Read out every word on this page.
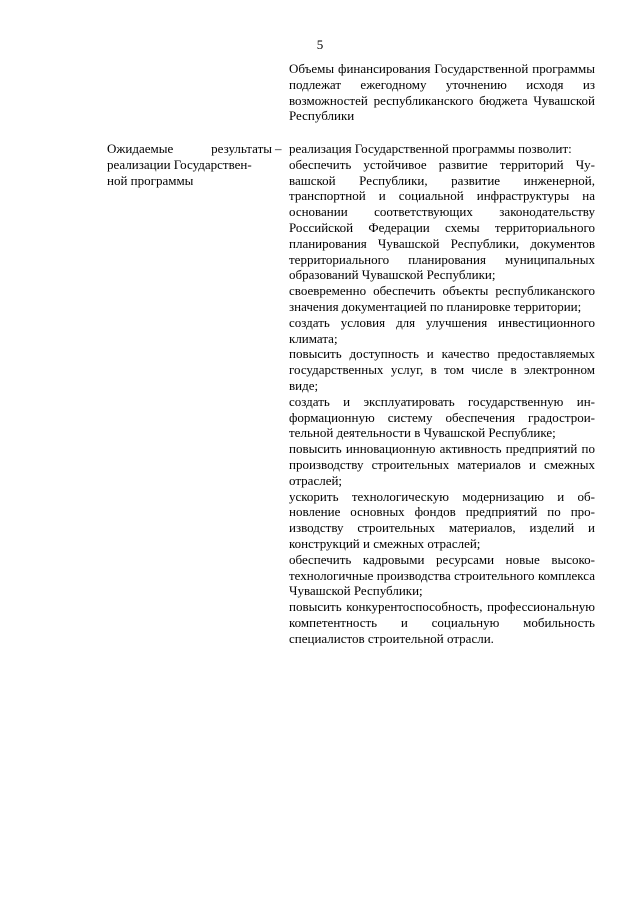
5

Объемы финансирования Государственной программы подлежат ежегодному уточнению исходя из возможностей республиканского бюджета Чувашской Республики

Ожидаемые	результаты
реализации Государствен-
ной программы
– реализация Государственной программы позволит:

обеспечить устойчивое развитие территорий Чувашской Республики, развитие инженерной, транспортной и социальной инфраструктуры на основании соответствующих законодательству Российской Федерации схемы территориального планирования Чувашской Республики, документов территориального планирования муниципальных образований Чувашской Республики;

своевременно обеспечить объекты республиканского значения документацией по планировке территории;

создать условия для улучшения инвестиционного климата;

повысить доступность и качество предоставляемых государственных услуг, в том числе в электронном виде;

создать и эксплуатировать государственную информационную систему обеспечения градостроительной деятельности в Чувашской Республике;

повысить инновационную активность предприятий по производству строительных материалов и смежных отраслей;

ускорить технологическую модернизацию и обновление основных фондов предприятий по производству строительных материалов, изделий и конструкций и смежных отраслей;

обеспечить кадровыми ресурсами новые высокотехнологичные производства строительного комплекса Чувашской Республики;

повысить конкурентоспособность, профессиональную компетентность и социальную мобильность специалистов строительной отрасли.
